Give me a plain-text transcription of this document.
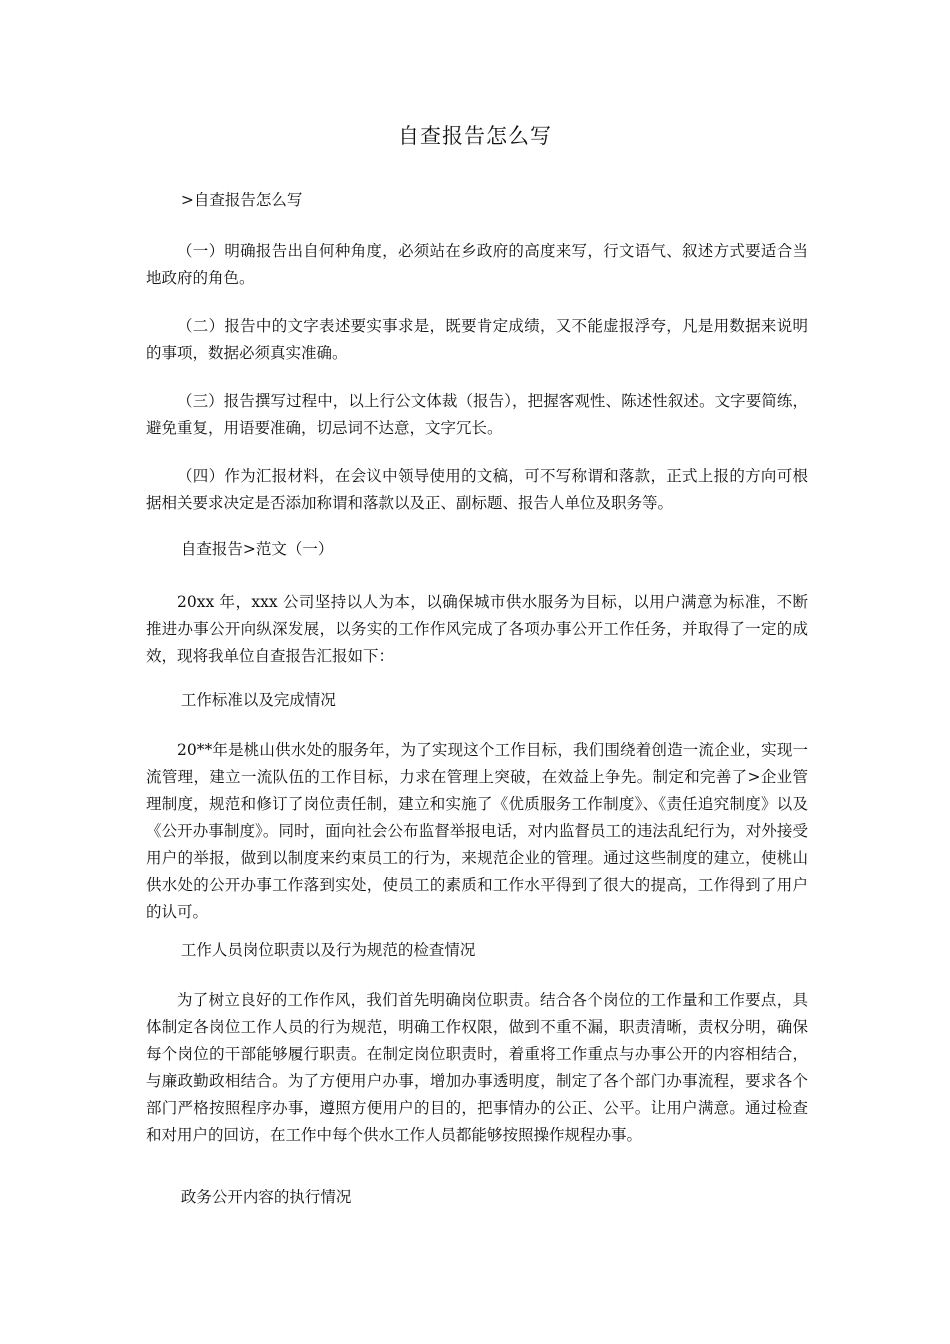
自查报告怎么写

>自查报告怎么写

（一）明确报告出自何种角度，必须站在乡政府的高度来写，行文语气、叙述方式要适合当地政府的角色。

（二）报告中的文字表述要实事求是，既要肯定成绩，又不能虚报浮夸，凡是用数据来说明的事项，数据必须真实准确。

（三）报告撰写过程中，以上行公文体裁（报告），把握客观性、陈述性叙述。文字要简练，避免重复，用语要准确，切忌词不达意，文字冗长。

（四）作为汇报材料，在会议中领导使用的文稿，可不写称谓和落款，正式上报的方向可根据相关要求决定是否添加称谓和落款以及正、副标题、报告人单位及职务等。

自查报告>范文（一）

20xx 年，xxx 公司坚持以人为本，以确保城市供水服务为目标，以用户满意为标准，不断推进办事公开向纵深发展，以务实的工作作风完成了各项办事公开工作任务，并取得了一定的成效，现将我单位自查报告汇报如下：

工作标准以及完成情况

20**年是桃山供水处的服务年，为了实现这个工作目标，我们围绕着创造一流企业，实现一流管理，建立一流队伍的工作目标，力求在管理上突破，在效益上争先。制定和完善了>企业管理制度，规范和修订了岗位责任制，建立和实施了《优质服务工作制度》、《责任追究制度》以及《公开办事制度》。同时，面向社会公布监督举报电话，对内监督员工的违法乱纪行为，对外接受用户的举报，做到以制度来约束员工的行为，来规范企业的管理。通过这些制度的建立，使桃山供水处的公开办事工作落到实处，使员工的素质和工作水平得到了很大的提高，工作得到了用户的认可。

工作人员岗位职责以及行为规范的检查情况

为了树立良好的工作作风，我们首先明确岗位职责。结合各个岗位的工作量和工作要点，具体制定各岗位工作人员的行为规范，明确工作权限，做到不重不漏，职责清晰，责权分明，确保每个岗位的干部能够履行职责。在制定岗位职责时，着重将工作重点与办事公开的内容相结合，与廉政勤政相结合。为了方便用户办事，增加办事透明度，制定了各个部门办事流程，要求各个部门严格按照程序办事，遵照方便用户的目的，把事情办的公正、公平。让用户满意。通过检查和对用户的回访，在工作中每个供水工作人员都能够按照操作规程办事。

政务公开内容的执行情况
